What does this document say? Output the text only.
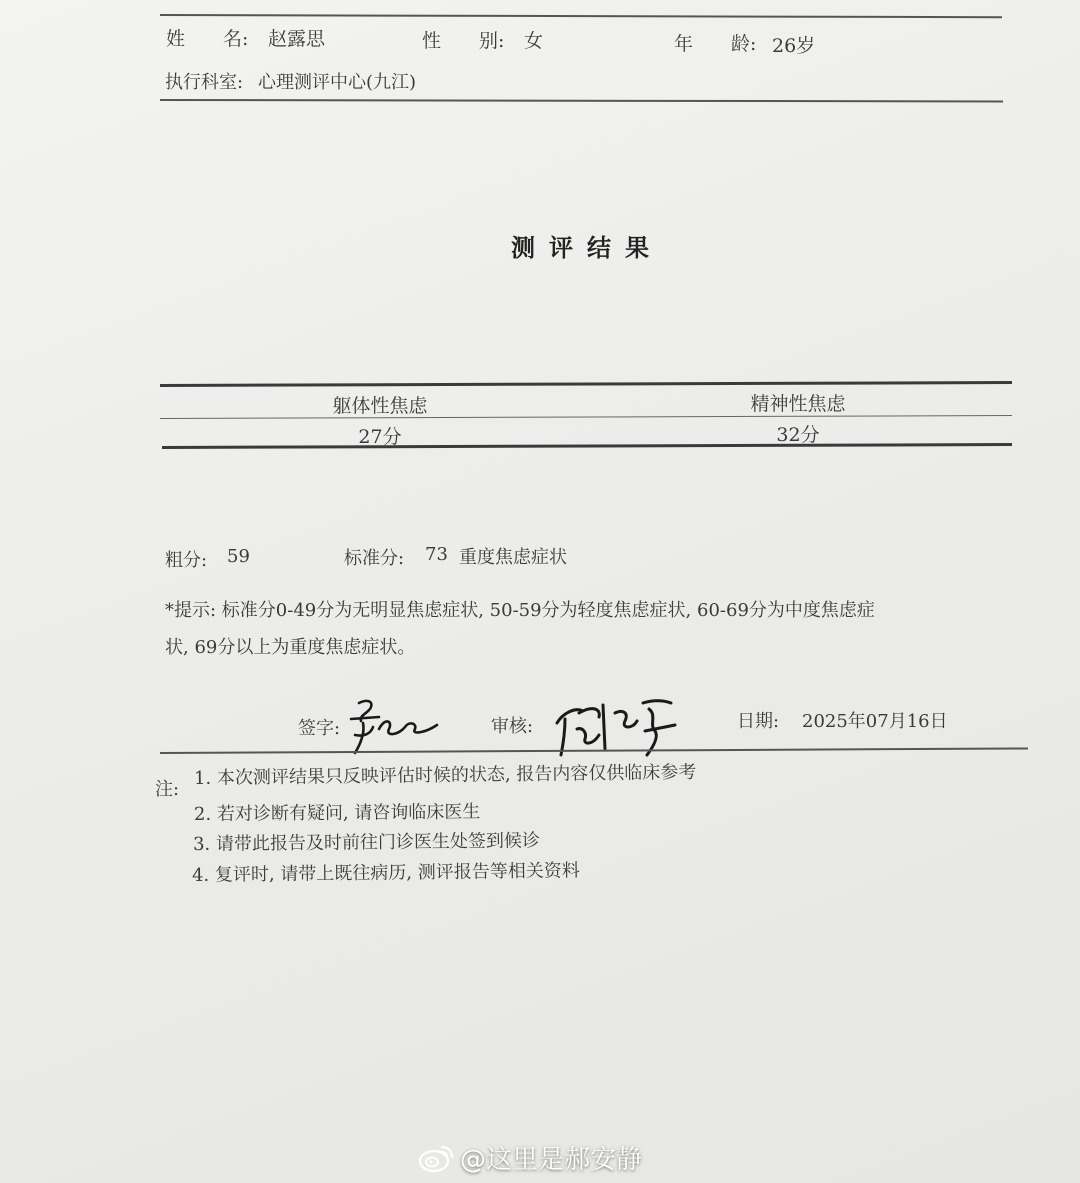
姓　　名: 赵露思	性　　别: 女	年　　龄: 26岁
执行科室: 心理测评中心(九江)
测评结果
躯体性焦虑	精神性焦虑
27分	32分
粗分: 59	标准分: 73 重度焦虑症状
*提示: 标准分0-49分为无明显焦虑症状, 50-59分为轻度焦虑症状, 60-69分为中度焦虑症
状, 69分以上为重度焦虑症状。
签字:	审核:	日期: 2025年07月16日
注:
1. 本次测评结果只反映评估时候的状态, 报告内容仅供临床参考
2. 若对诊断有疑问, 请咨询临床医生
3. 请带此报告及时前往门诊医生处签到候诊
4. 复评时, 请带上既往病历, 测评报告等相关资料
@这里是郝安静
